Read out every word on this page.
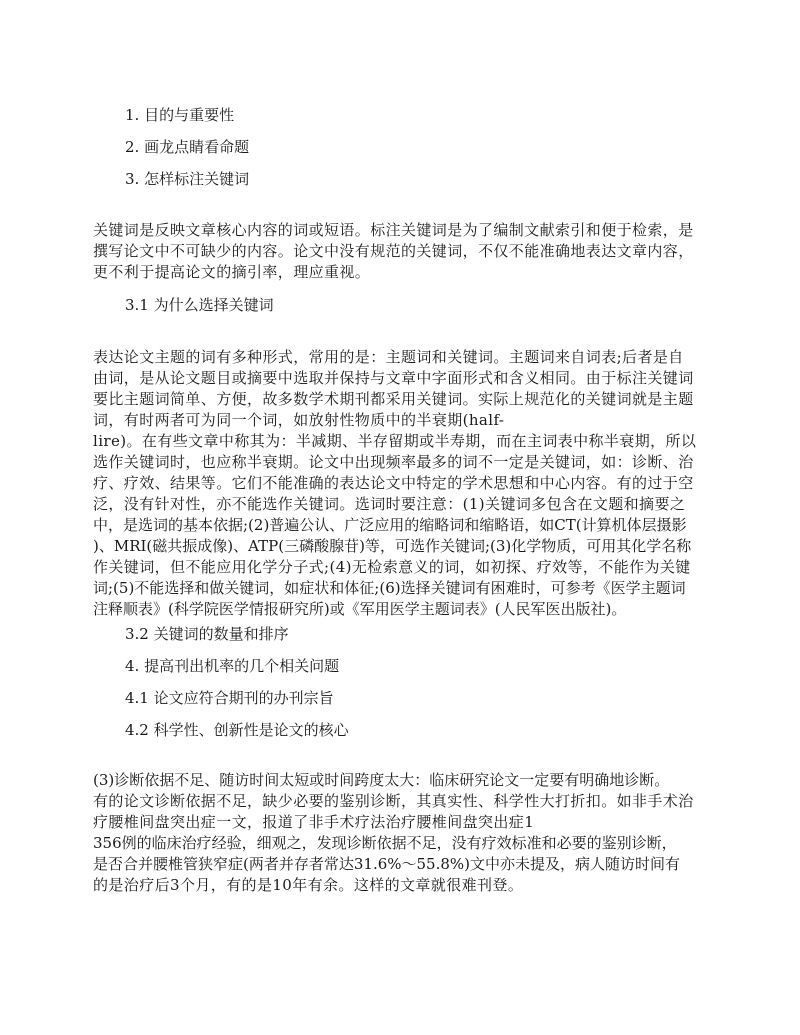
1. 目的与重要性
2. 画龙点睛看命题
3. 怎样标注关键词
关键词是反映文章核心内容的词或短语。标注关键词是为了编制文献索引和便于检索，是
撰写论文中不可缺少的内容。论文中没有规范的关键词，不仅不能准确地表达文章内容，
更不利于提高论文的摘引率，理应重视。
3.1 为什么选择关键词
表达论文主题的词有多种形式，常用的是：主题词和关键词。主题词来自词表;后者是自
由词，是从论文题目或摘要中选取并保持与文章中字面形式和含义相同。由于标注关键词
要比主题词简单、方便，故多数学术期刊都采用关键词。实际上规范化的关键词就是主题
词，有时两者可为同一个词，如放射性物质中的半衰期(half-
lire)。在有些文章中称其为：半减期、半存留期或半寿期，而在主词表中称半衰期，所以
选作关键词时，也应称半衰期。论文中出现频率最多的词不一定是关键词，如：诊断、治
疗、疗效、结果等。它们不能准确的表达论文中特定的学术思想和中心内容。有的过于空
泛，没有针对性，亦不能选作关键词。选词时要注意：(1)关键词多包含在文题和摘要之
中，是选词的基本依据;(2)普遍公认、广泛应用的缩略词和缩略语，如CT(计算机体层摄影
)、MRI(磁共振成像)、ATP(三磷酸腺苷)等，可选作关键词;(3)化学物质，可用其化学名称
作关键词，但不能应用化学分子式;(4)无检索意义的词，如初探、疗效等，不能作为关键
词;(5)不能选择和做关键词，如症状和体征;(6)选择关键词有困难时，可参考《医学主题词
注释顺表》(科学院医学情报研究所)或《军用医学主题词表》(人民军医出版社)。
3.2 关键词的数量和排序
4. 提高刊出机率的几个相关问题
4.1 论文应符合期刊的办刊宗旨
4.2 科学性、创新性是论文的核心
(3)诊断依据不足、随访时间太短或时间跨度太大：临床研究论文一定要有明确地诊断。
有的论文诊断依据不足，缺少必要的鉴别诊断，其真实性、科学性大打折扣。如非手术治
疗腰椎间盘突出症一文，报道了非手术疗法治疗腰椎间盘突出症1
356例的临床治疗经验，细观之，发现诊断依据不足，没有疗效标准和必要的鉴别诊断，
是否合并腰椎管狭窄症(两者并存者常达31.6%～55.8%)文中亦未提及，病人随访时间有
的是治疗后3个月，有的是10年有余。这样的文章就很难刊登。
